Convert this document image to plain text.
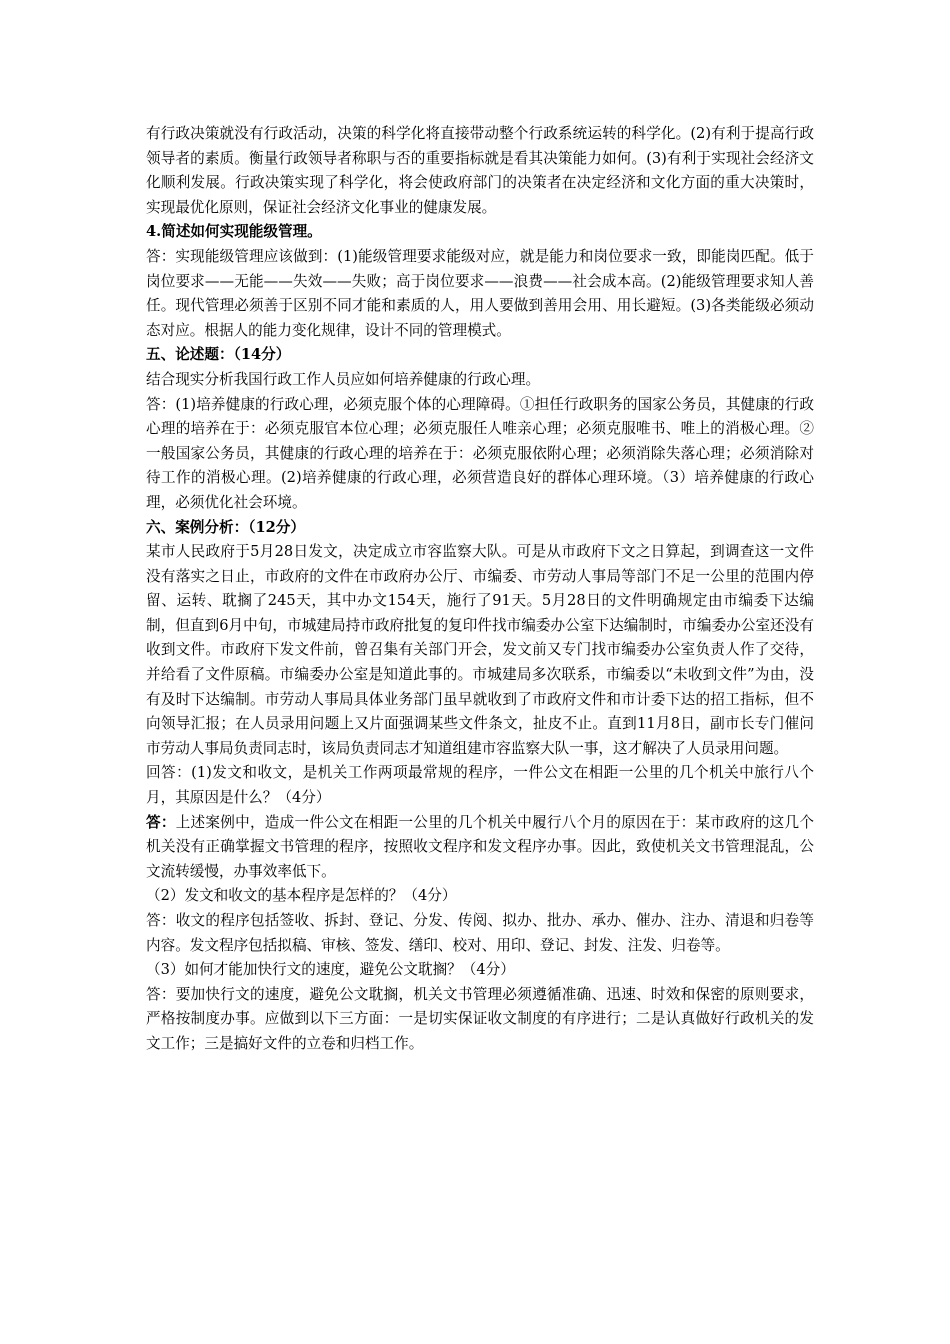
有行政决策就没有行政活动，决策的科学化将直接带动整个行政系统运转的科学化。(2)有利于提高行政领导者的素质。衡量行政领导者称职与否的重要指标就是看其决策能力如何。(3)有利于实现社会经济文化顺利发展。行政决策实现了科学化，将会使政府部门的决策者在决定经济和文化方面的重大决策时，实现最优化原则，保证社会经济文化事业的健康发展。

4.简述如何实现能级管理。

答：实现能级管理应该做到：(1)能级管理要求能级对应，就是能力和岗位要求一致，即能岗匹配。低于岗位要求——无能——失效——失败；高于岗位要求——浪费——社会成本高。(2)能级管理要求知人善任。现代管理必须善于区别不同才能和素质的人，用人要做到善用会用、用长避短。(3)各类能级必须动态对应。根据人的能力变化规律，设计不同的管理模式。

五、论述题：（14分）

结合现实分析我国行政工作人员应如何培养健康的行政心理。

答：(1)培养健康的行政心理，必须克服个体的心理障碍。①担任行政职务的国家公务员，其健康的行政心理的培养在于：必须克服官本位心理；必须克服任人唯亲心理；必须克服唯书、唯上的消极心理。②一般国家公务员，其健康的行政心理的培养在于：必须克服依附心理；必须消除失落心理；必须消除对待工作的消极心理。(2)培养健康的行政心理，必须营造良好的群体心理环境。（3）培养健康的行政心理，必须优化社会环境。

六、案例分析：（12分）

某市人民政府于5月28日发文，决定成立市容监察大队。可是从市政府下文之日算起，到调查这一文件没有落实之日止，市政府的文件在市政府办公厅、市编委、市劳动人事局等部门不足一公里的范围内停留、运转、耽搁了245天，其中办文154天，施行了91天。5月28日的文件明确规定由市编委下达编制，但直到6月中旬，市城建局持市政府批复的复印件找市编委办公室下达编制时，市编委办公室还没有收到文件。市政府下发文件前，曾召集有关部门开会，发文前又专门找市编委办公室负责人作了交待，并给看了文件原稿。市编委办公室是知道此事的。市城建局多次联系，市编委以“未收到文件”为由，没有及时下达编制。市劳动人事局具体业务部门虽早就收到了市政府文件和市计委下达的招工指标，但不向领导汇报；在人员录用问题上又片面强调某些文件条文，扯皮不止。直到11月8日，副市长专门催问市劳动人事局负责同志时，该局负责同志才知道组建市容监察大队一事，这才解决了人员录用问题。

回答：(1)发文和收文，是机关工作两项最常规的程序，一件公文在相距一公里的几个机关中旅行八个月，其原因是什么？（4分）

答：上述案例中，造成一件公文在相距一公里的几个机关中履行八个月的原因在于：某市政府的这几个机关没有正确掌握文书管理的程序，按照收文程序和发文程序办事。因此，致使机关文书管理混乱，公文流转缓慢，办事效率低下。

（2）发文和收文的基本程序是怎样的？（4分）

答：收文的程序包括签收、拆封、登记、分发、传阅、拟办、批办、承办、催办、注办、清退和归卷等内容。发文程序包括拟稿、审核、签发、缮印、校对、用印、登记、封发、注发、归卷等。

（3）如何才能加快行文的速度，避免公文耽搁？（4分）

答：要加快行文的速度，避免公文耽搁，机关文书管理必须遵循准确、迅速、时效和保密的原则要求，严格按制度办事。应做到以下三方面：一是切实保证收文制度的有序进行；二是认真做好行政机关的发文工作；三是搞好文件的立卷和归档工作。
